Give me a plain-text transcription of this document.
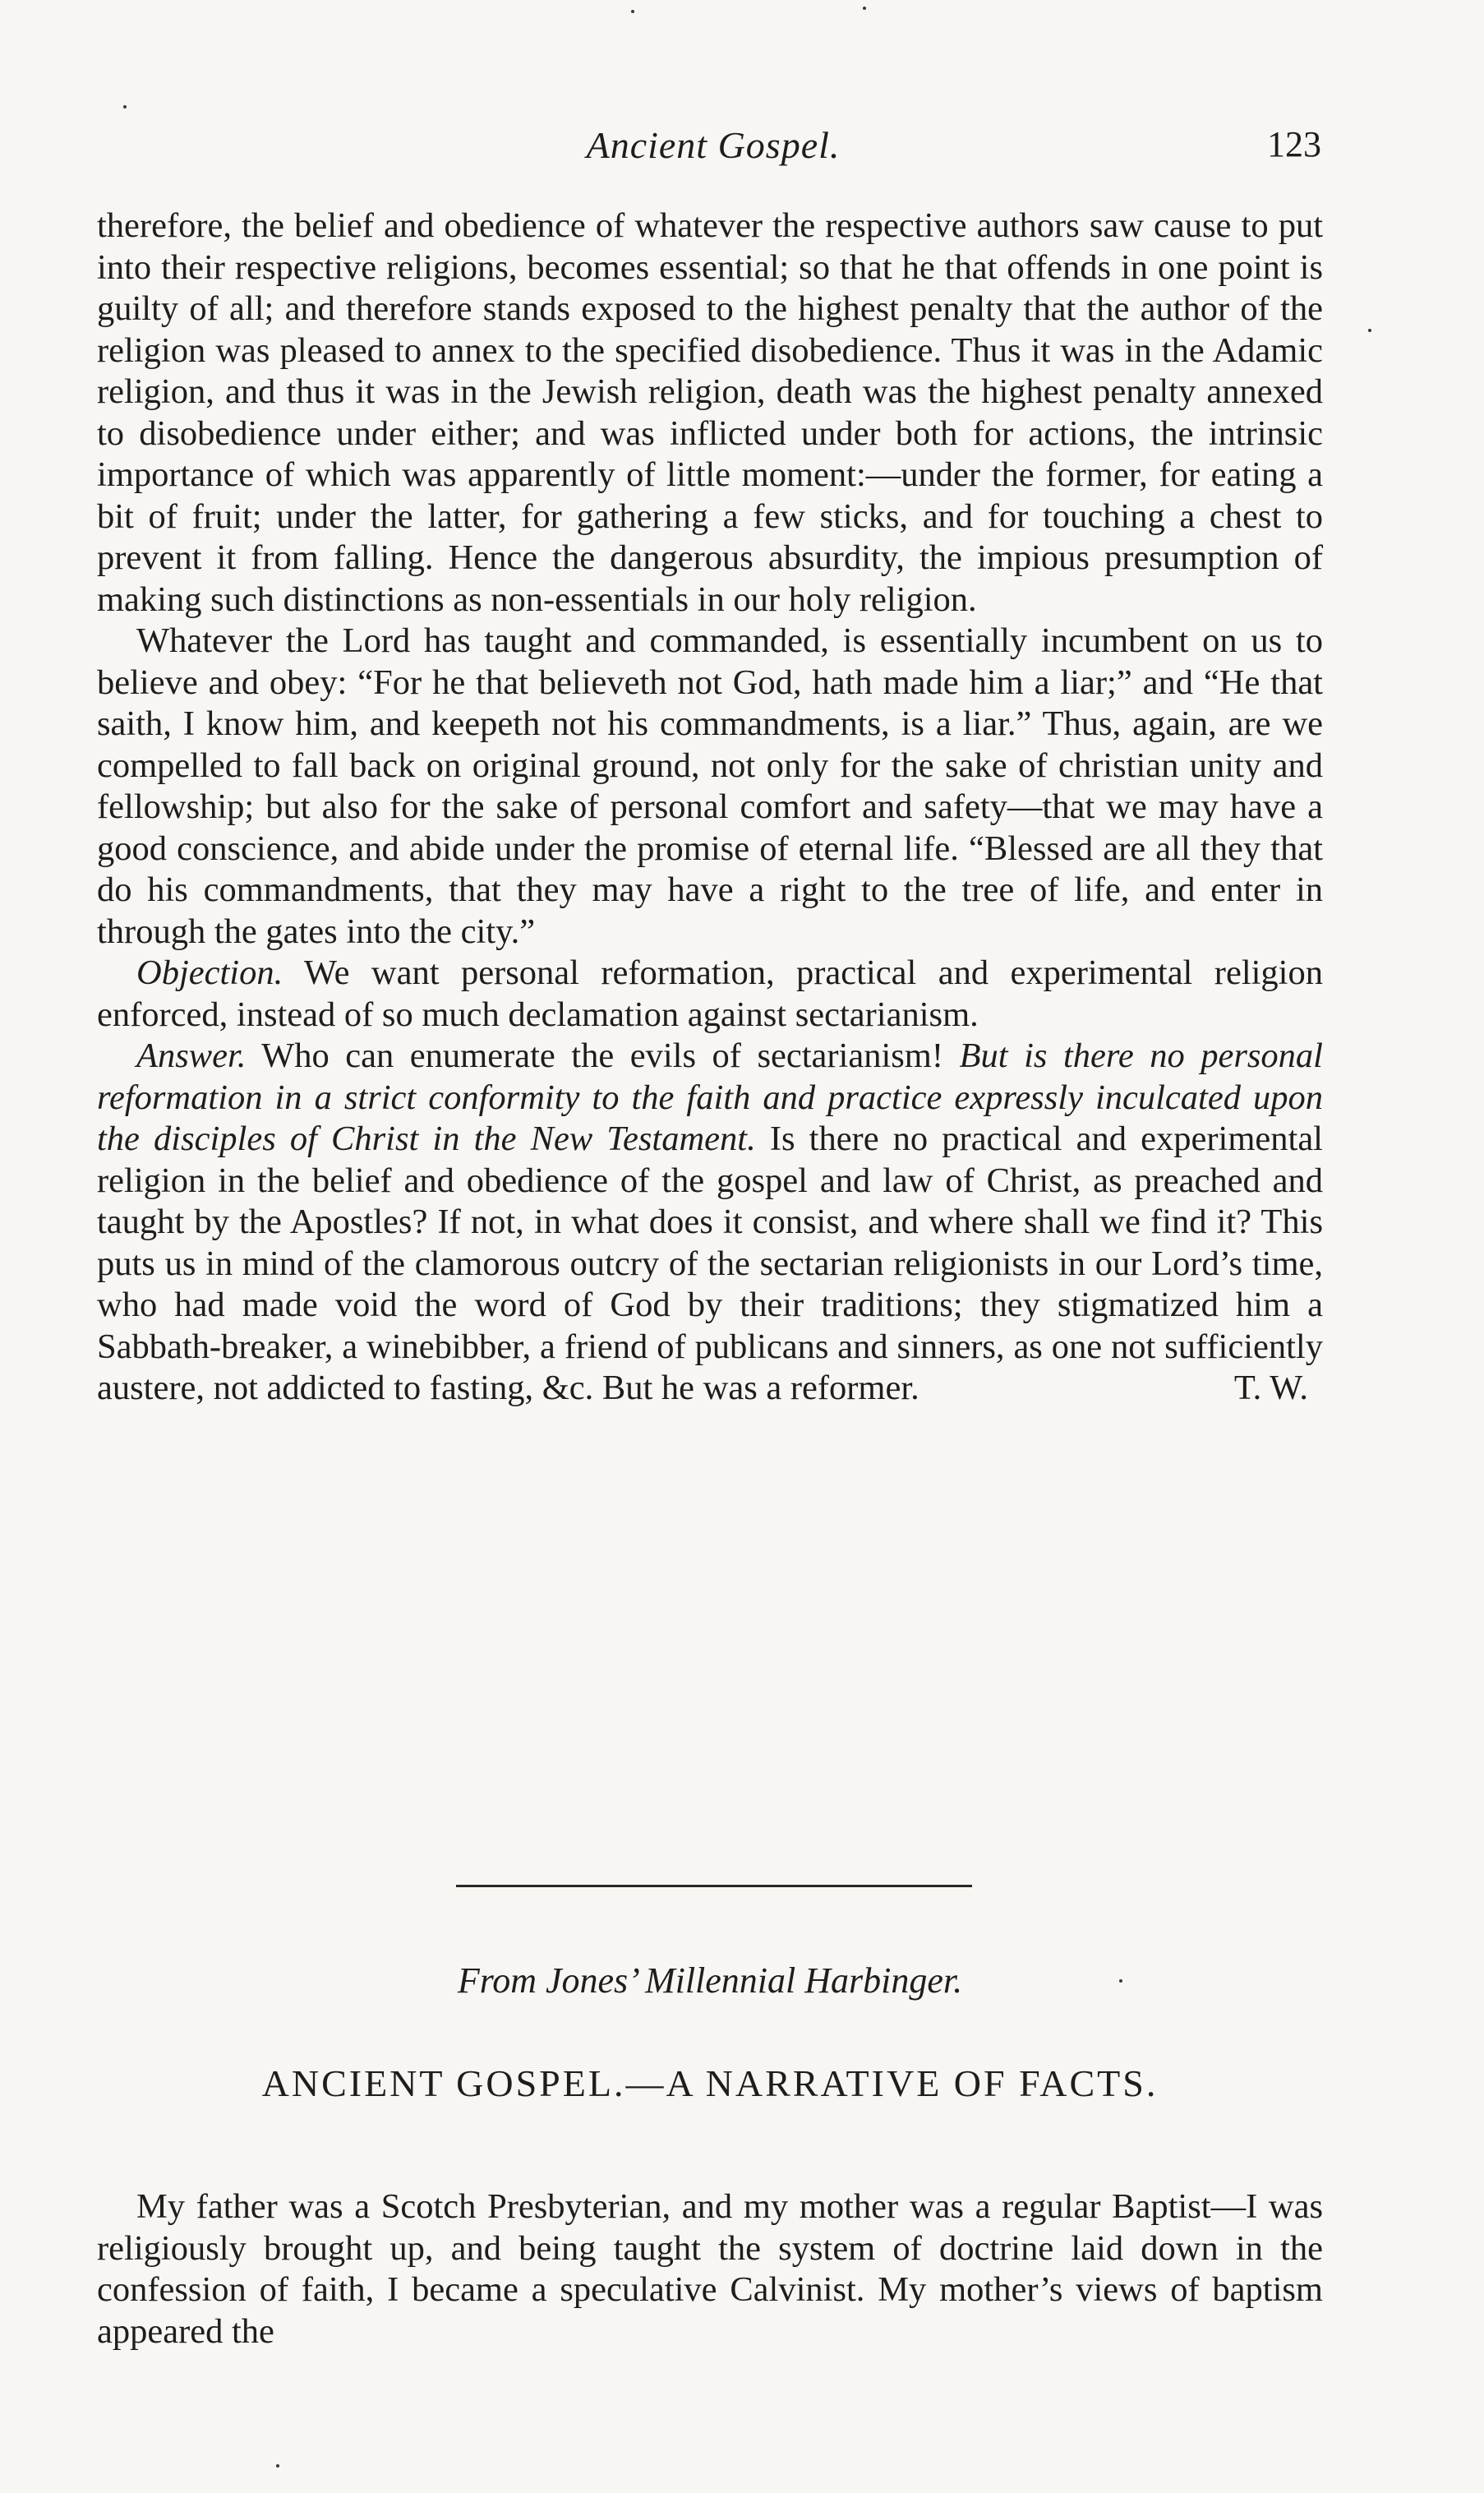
Ancient Gospel.	123

therefore, the belief and obedience of whatever the respective authors saw cause to put into their respective religions, becomes essential; so that he that offends in one point is guilty of all; and therefore stands exposed to the highest penalty that the author of the religion was pleased to annex to the specified disobedience. Thus it was in the Adamic religion, and thus it was in the Jewish religion, death was the highest penalty annexed to disobedience under either; and was inflicted under both for actions, the intrinsic importance of which was apparently of little moment:—under the former, for eating a bit of fruit; under the latter, for gathering a few sticks, and for touching a chest to prevent it from falling. Hence the dangerous absurdity, the impious presumption of making such distinctions as non-essentials in our holy religion.

Whatever the Lord has taught and commanded, is essentially incumbent on us to believe and obey: “For he that believeth not God, hath made him a liar;” and “He that saith, I know him, and keepeth not his commandments, is a liar.” Thus, again, are we compelled to fall back on original ground, not only for the sake of christian unity and fellowship; but also for the sake of personal comfort and safety—that we may have a good conscience, and abide under the promise of eternal life. “Blessed are all they that do his commandments, that they may have a right to the tree of life, and enter in through the gates into the city.”

Objection. We want personal reformation, practical and experimental religion enforced, instead of so much declamation against sectarianism.

Answer. Who can enumerate the evils of sectarianism! But is there no personal reformation in a strict conformity to the faith and practice expressly inculcated upon the disciples of Christ in the New Testament. Is there no practical and experimental religion in the belief and obedience of the gospel and law of Christ, as preached and taught by the Apostles? If not, in what does it consist, and where shall we find it? This puts us in mind of the clamorous outcry of the sectarian religionists in our Lord’s time, who had made void the word of God by their traditions; they stigmatized him a Sabbath-breaker, a winebibber, a friend of publicans and sinners, as one not sufficiently austere, not addicted to fasting, &c. But he was a reformer.	T. W.
From Jones’ Millennial Harbinger.
ANCIENT GOSPEL.—A NARRATIVE OF FACTS.

My father was a Scotch Presbyterian, and my mother was a regular Baptist—I was religiously brought up, and being taught the system of doctrine laid down in the confession of faith, I became a speculative Calvinist. My mother’s views of baptism appeared the
